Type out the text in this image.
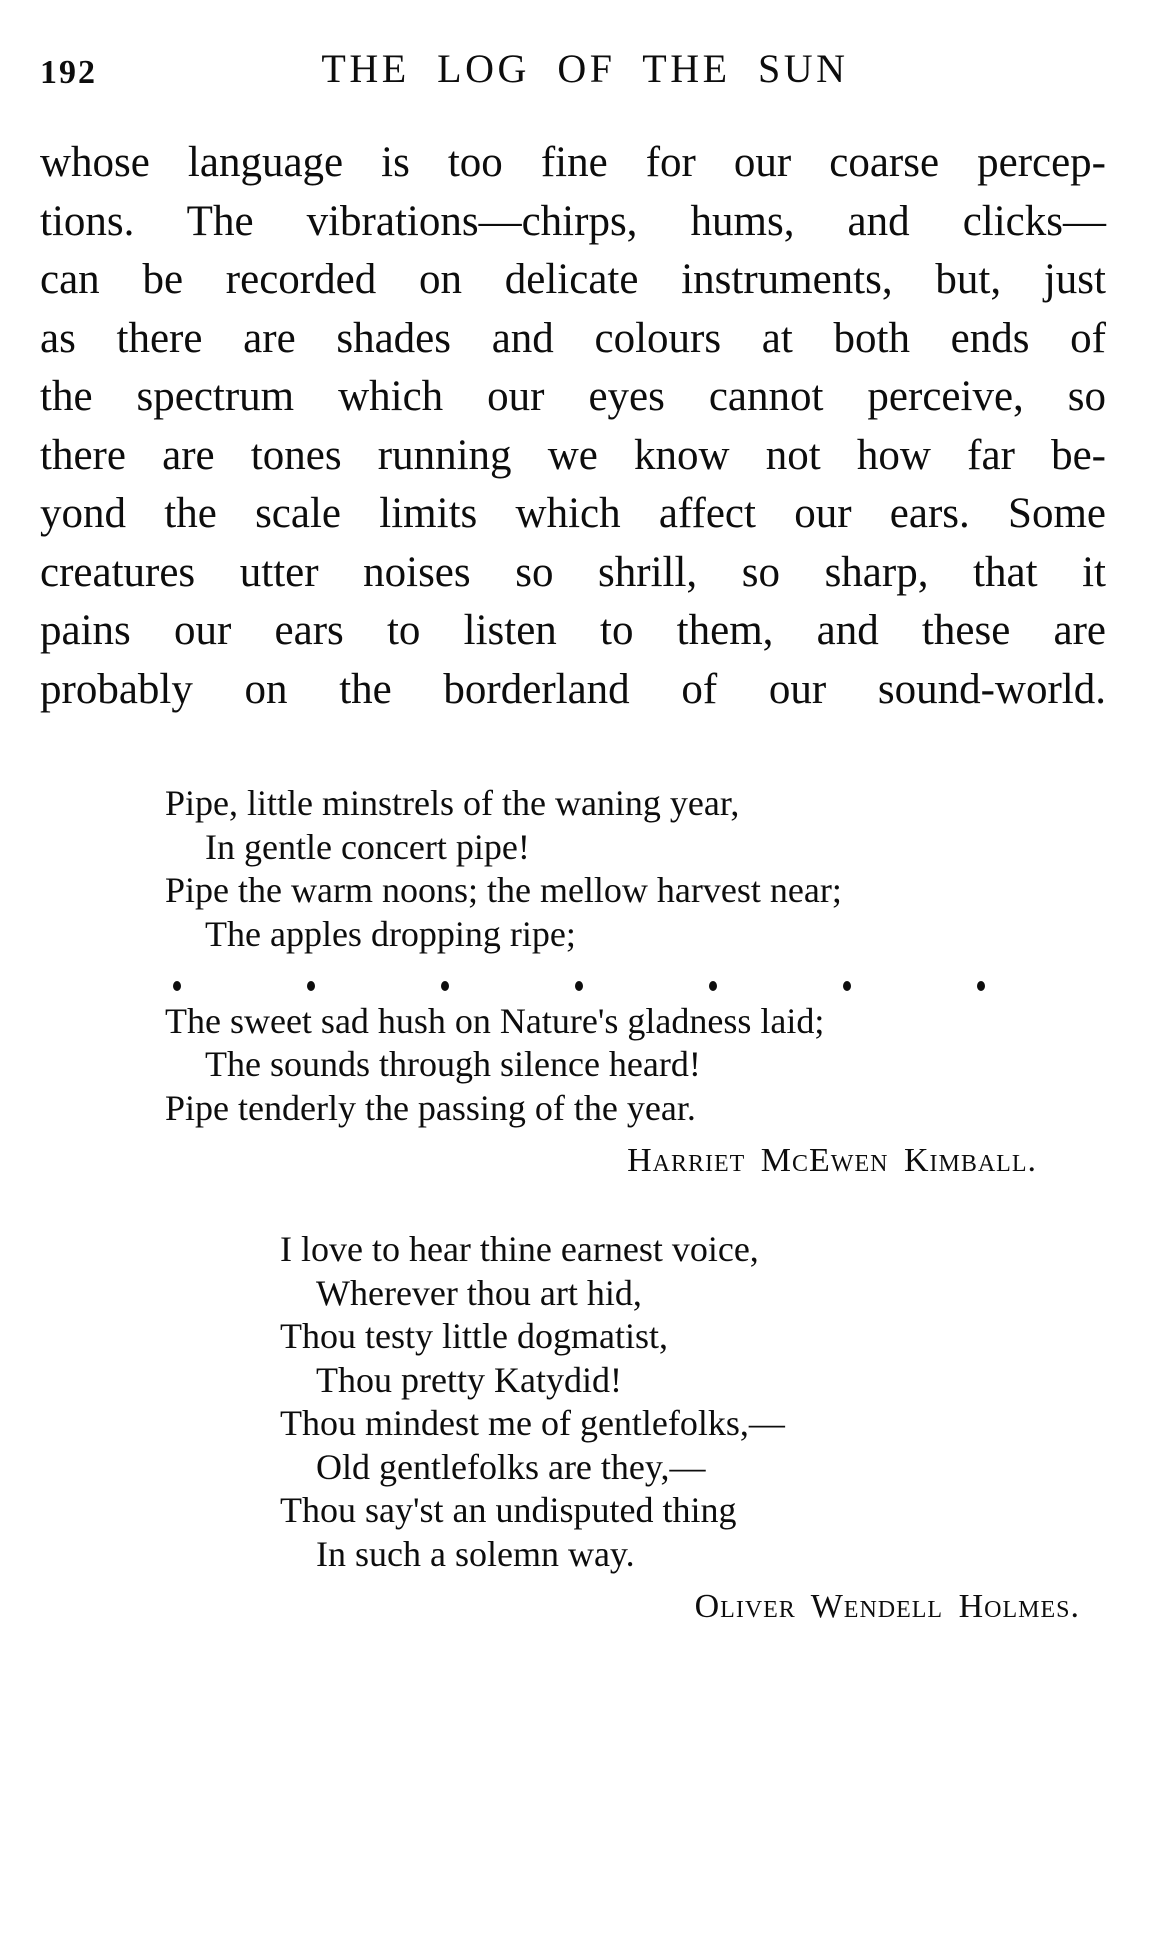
192	THE LOG OF THE SUN
whose language is too fine for our coarse percep-
tions. The vibrations—chirps, hums, and clicks—
can be recorded on delicate instruments, but, just
as there are shades and colours at both ends of
the spectrum which our eyes cannot perceive, so
there are tones running we know not how far be-
yond the scale limits which affect our ears. Some
creatures utter noises so shrill, so sharp, that it
pains our ears to listen to them, and these are
probably on the borderland of our sound-world.
Pipe, little minstrels of the waning year,
In gentle concert pipe!
Pipe the warm noons; the mellow harvest near;
The apples dropping ripe;
The sweet sad hush on Nature's gladness laid;
The sounds through silence heard!
Pipe tenderly the passing of the year.
Harriet McEwen Kimball.
I love to hear thine earnest voice,
Wherever thou art hid,
Thou testy little dogmatist,
Thou pretty Katydid!
Thou mindest me of gentlefolks,—
Old gentlefolks are they,—
Thou say'st an undisputed thing
In such a solemn way.
Oliver Wendell Holmes.
